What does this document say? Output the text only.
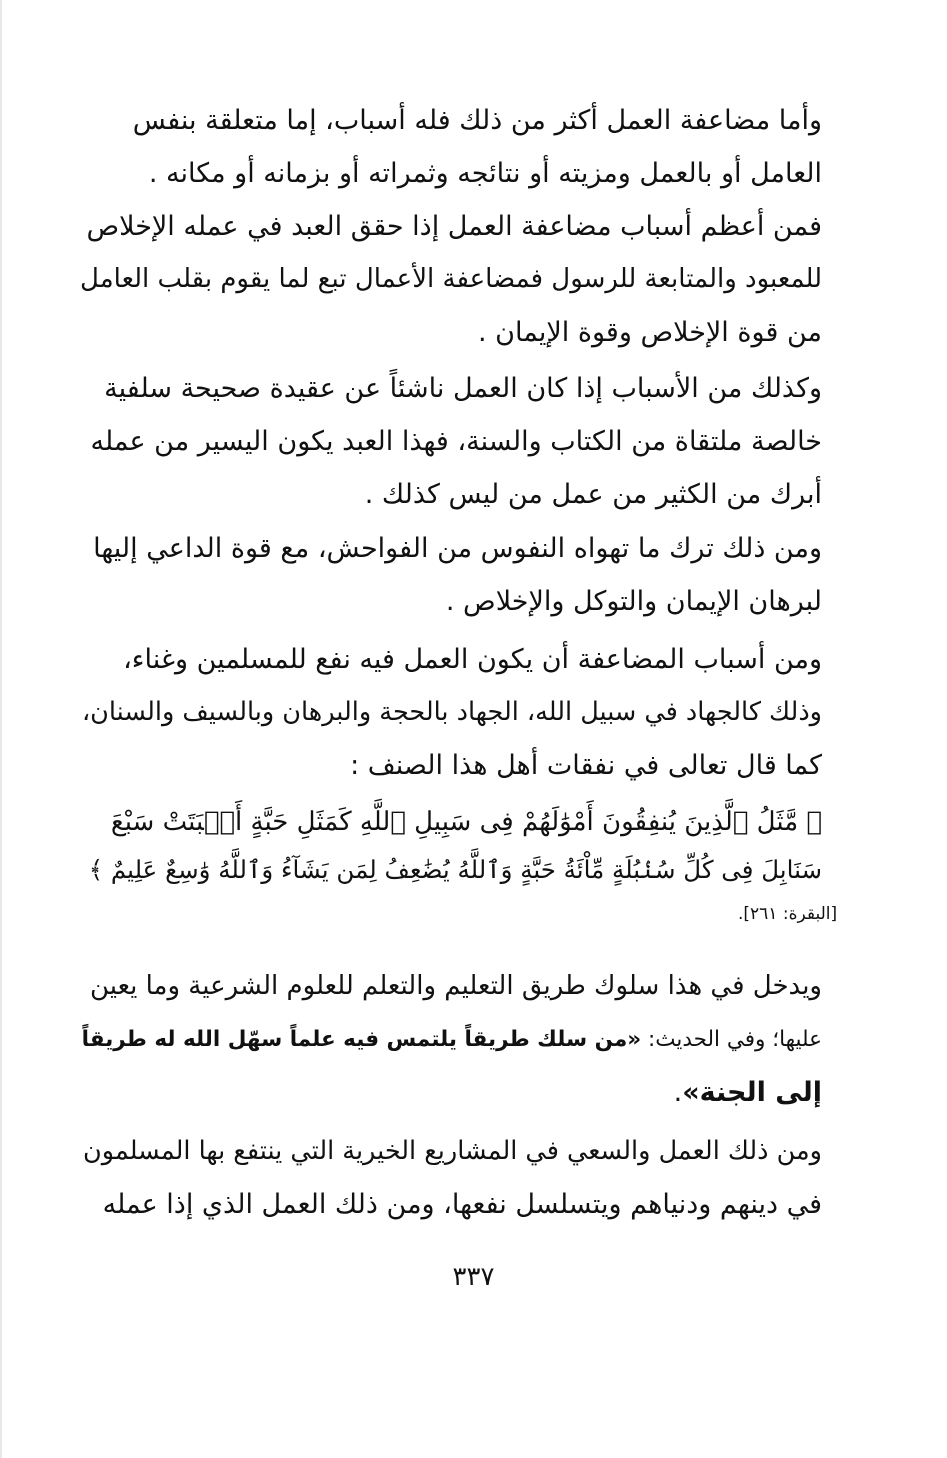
وأما مضاعفة العمل أكثر من ذلك فله أسباب، إما متعلقة بنفس
العامل أو بالعمل ومزيته أو نتائجه وثمراته أو بزمانه أو مكانه .

فمن أعظم أسباب مضاعفة العمل إذا حقق العبد في عمله الإخلاص
للمعبود والمتابعة للرسول فمضاعفة الأعمال تبع لما يقوم بقلب العامل
من قوة الإخلاص وقوة الإيمان .

وكذلك من الأسباب إذا كان العمل ناشئاً عن عقيدة صحيحة سلفية
خالصة ملتقاة من الكتاب والسنة، فهذا العبد يكون اليسير من عمله
أبرك من الكثير من عمل من ليس كذلك .

ومن ذلك ترك ما تهواه النفوس من الفواحش، مع قوة الداعي إليها
لبرهان الإيمان والتوكل والإخلاص .

ومن أسباب المضاعفة أن يكون العمل فيه نفع للمسلمين وغناء،
وذلك كالجهاد في سبيل الله، الجهاد بالحجة والبرهان وبالسيف والسنان،
كما قال تعالى في نفقات أهل هذا الصنف :

﴿ مَّثَلُ ٱلَّذِينَ يُنفِقُونَ أَمْوَٰلَهُمْ فِى سَبِيلِ ٱللَّهِ كَمَثَلِ حَبَّةٍ أَنۢبَتَتْ سَبْعَ
سَنَابِلَ فِى كُلِّ سُنۢبُلَةٍ مِّاْئَةُ حَبَّةٍ وَٱللَّهُ يُضَٰعِفُ لِمَن يَشَآءُ وَٱللَّهُ وَٰسِعٌ عَلِيمٌ ﴾
[البقرة: ٢٦١].

ويدخل في هذا سلوك طريق التعليم والتعلم للعلوم الشرعية وما يعين
عليها؛ وفي الحديث: «من سلك طريقاً يلتمس فيه علماً سهّل الله له طريقاً
إلى الجنة».

ومن ذلك العمل والسعي في المشاريع الخيرية التي ينتفع بها المسلمون
في دينهم ودنياهم ويتسلسل نفعها، ومن ذلك العمل الذي إذا عمله

٣٣٧
